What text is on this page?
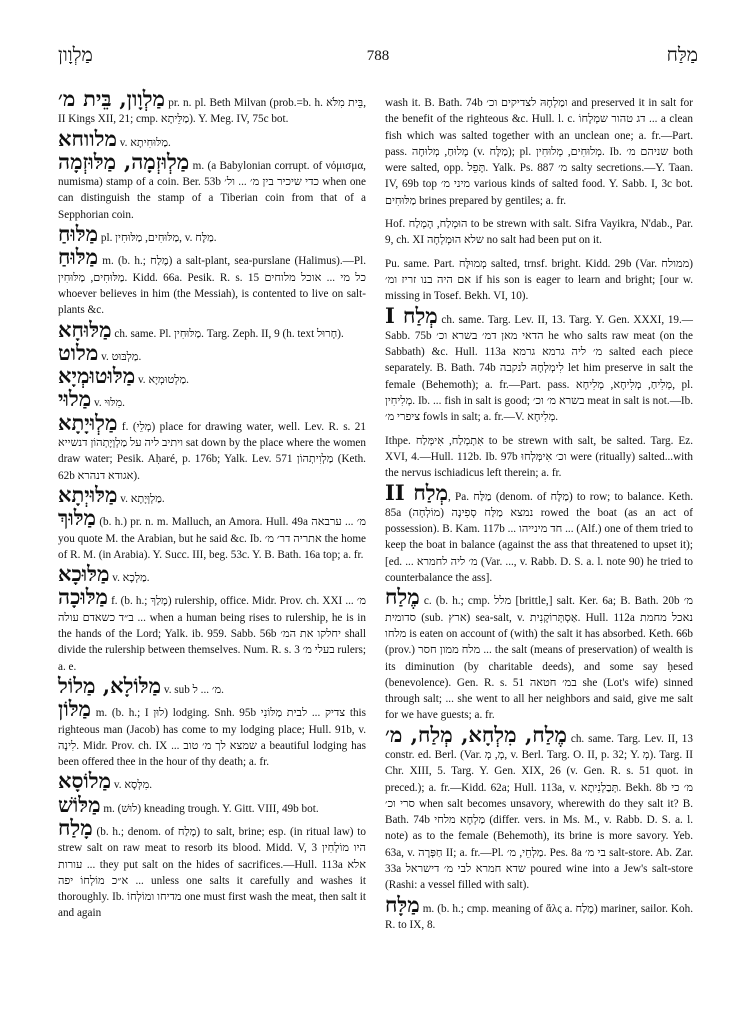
מַלְוָון	788	מַלַּח

מַלְוָון, בֵּית מ׳ pr. n. pl. Beth Milvan (prob.=b. h. בֵּית מִלֹּא, II Kings XII, 21; cmp. מַלֵּיתָא). Y. Meg. IV, 75c bot.

מלווחא v. מַלּוּחִיתָא.

מַלְוּזְמָה, מַלּוּזְמָה m. (a Babylonian corrupt. of νόμισμα, numisma) stamp of a coin. Ber. 53b כדי שיכיר בין מ׳ ... ול׳ when one can distinguish the stamp of a Tiberian coin from that of a Sepphorian coin.

מַלּוּחַ pl. מַלּוּחִים, מַלּוּחִין, v. מַלָּח.

מַלּוּחַ m. (b. h.; מֶלַח) a salt-plant, sea-purslane (Halimus).—Pl. מַלּוּחִים, מַלּוּחִין. Kidd. 66a. Pesik. R. s. 15 כל מי ... אוכל מלוחים whoever believes in him (the Messiah), is contented to live on salt-plants &c.

מַלּוּחָא ch. same. Pl. מַלּוּחִין. Targ. Zeph. II, 9 (h. text חָרוּל).

מלוט v. מַלְבּוּט.

מַלּוּטוּמְיָא v. מַלְטוּמְיָא.

מַלוּי v. מִלּוּי.

מַלְוּיָתָא f. (מְלֵי) place for drawing water, well. Lev. R. s. 21 ויתיב ליה על מַלְוְיָתְהוֹן דנשייא sat down by the place where the women draw water; Pesik. Aḥaré, p. 176b; Yalk. Lev. 571 מַלְוִיתְהוֹן (Keth. 62b אגודא דנהרא).

מַלּוּיְתָא v. מַלְוְּיָתָא.

מַלּוּךְ (b. h.) pr. n. m. Malluch, an Amora. Hull. 49a מ׳ ... ערבאה you quote M. the Arabian, but he said &c. Ib. אתריה דר׳ מ׳ the home of R. M. (in Arabia). Y. Succ. III, beg. 53c. Y. B. Bath. 16a top; a. fr.

מַלּוּכָא v. מַלְכָא.

מַלּוּכָה f. (b. h.; מָלַךְ) rulership, office. Midr. Prov. ch. XXI ... מ׳ ... ב״ד כשאדם עולה when a human being rises to rulership, he is in the hands of the Lord; Yalk. ib. 959. Sabb. 56b יחלקו את המ׳ shall divide the rulership between themselves. Num. R. s. 3 בעלי מ׳ rulers; a. e.

מַלּוֹלָא, מַלוֹל v. sub מ׳ ... ל.

מַלּוֹן m. (b. h.; I לוּן) lodging. Snh. 95b צדיק ... לבית מַלּוֹנִי this righteous man (Jacob) has come to my lodging place; Hull. 91b, v. לִינָה. Midr. Prov. ch. IX ... שמצא לך מ׳ טוב a beautiful lodging has been offered thee in the hour of thy death; a. fr.

מַלוֹסָא v. מִלְּסָא.

מַלּוֹשׁ m. (לוּשׁ) kneading trough. Y. Gitt. VIII, 49b bot.

מָלַח (b. h.; denom. of מֶלַח) to salt, brine; esp. (in ritual law) to strew salt on raw meat to resorb its blood. Midd. V, 3 היו מוֹלְחִין עורות ... they put salt on the hides of sacrifices.—Hull. 113a אלא א״כ מוֹלְחוֹ יפה ... unless one salts it carefully and washes it thoroughly. Ib. מדיחו ומוֹלְחוֹ one must first wash the meat, then salt it and again

wash it. B. Bath. 74b ומַלְחָהּ לצדיקים וכ׳ and preserved it in salt for the benefit of the righteous &c. Hull. l. c. דג טהור שמְלָחוֹ ... a clean fish which was salted together with an unclean one; a. fr.—Part. pass. מָלוּחַ, מְלוּחָה (v. מַלָּח); pl. מְלוּחִים, מְלוּחִין. Ib. שניהם מ׳ both were salted, opp. תָּפֵל. Yalk. Ps. 887 מ׳ salty secretions.—Y. Taan. IV, 69b top מיני מ׳ various kinds of salted food. Y. Sabb. I, 3c bot. מַלּוּחִים brines prepared by gentiles; a. fr.

Hof. הוּמְלַח, הָמְלַח to be strewn with salt. Sifra Vayikra, N'dab., Par. 9, ch. XI שלא הוּמְלְחָה no salt had been put on it.

Pu. same. Part. מְמוּלָּח salted, trnsf. bright. Kidd. 29b (Var. ממולח) אם היה בנו זריז ומ׳ if his son is eager to learn and bright; [our w. missing in Tosef. Bekh. VI, 10).

מְלַח I ch. same. Targ. Lev. II, 13. Targ. Y. Gen. XXXI, 19.—Sabb. 75b הדאי מאן דמ׳ בשרא וכ׳ he who salts raw meat (on the Sabbath) &c. Hull. 113a מ׳ ליה גרמא גרמא salted each piece separately. B. Bath. 74b לִימְלְחָהּ לנקבה let him preserve in salt the female (Behemoth); a. fr.—Part. pass. מְלִיחַ, מְלִיחָא, מְלִיחָא, pl. מְלִיחִין. Ib. ... fish in salt is good; בשרא מ׳ וכ׳ meat in salt is not.—Ib. ציפרי מ׳ fowls in salt; a. fr.—V. מְלִיחָא.

Ithpe. אִתְמְלַח, אִימְּלַח to be strewn with salt, be salted. Targ. Ez. XVI, 4.—Hull. 112b. Ib. 97b וכ׳ אִימְּלְחוּ were (ritually) salted...with the nervus ischiadicus left therein; a. fr.

מְלַח II, Pa. מַלַּח (denom. of מַלָּח) to row; to balance. Keth. 85a (מוֹלְחָה) נמצא מַלַּח סְפִינָה rowed the boat (as an act of possession). B. Kam. 117b ... חד מינייהו ... (Alf.) one of them tried to keep the boat in balance (against the ass that threatened to upset it); [ed. ... מ׳ ליה לחמרא (Var. ..., v. Rabb. D. S. a. l. note 90) he tried to counterbalance the ass].

מֶלַח c. (b. h.; cmp. מלל [brittle,] salt. Ker. 6a; B. Bath. 20b מ׳ סדומית (sub. ארץ) sea-salt, v. אַסְתְּרוֹקָנִית. Hull. 112a נאכל מחמת מלחו is eaten on account of (with) the salt it has absorbed. Keth. 66b (prov.) מלח ממון חסר ... the salt (means of preservation) of wealth is its diminution (by charitable deeds), and some say ḥesed (benevolence). Gen. R. s. 51 במ׳ חטאה she (Lot's wife) sinned through salt; ... she went to all her neighbors and said, give me salt for we have guests; a. fr.

מֶלַח, מִלְחָא, מְלַח, מ׳ ch. same. Targ. Lev. II, 13 constr. ed. Berl. (Var. מְ, מְ, v. Berl. Targ. O. II, p. 32; Y. מְ). Targ. II Chr. XIII, 5. Targ. Y. Gen. XIX, 26 (v. Gen. R. s. 51 quot. in preced.); a. fr.—Kidd. 62a; Hull. 113a, v. תְּבַלְנִיתָא. Bekh. 8b מ׳ כי סרי וכ׳ when salt becomes unsavory, wherewith do they salt it? B. Bath. 74b מַלְחָא מלחי (differ. vers. in Ms. M., v. Rabb. D. S. a. l. note) as to the female (Behemoth), its brine is more savory. Yeb. 63a, v. חַפְּרָה II; a. fr.—Pl. מַלְחֵי, מ׳. Pes. 8a בי מ׳ salt-store. Ab. Zar. 33a שדא חמרא לבי מ׳ דישראל poured wine into a Jew's salt-store (Rashi: a vessel filled with salt).

מַלָּח m. (b. h.; cmp. meaning of ἅλς a. מֶלַח) mariner, sailor. Koh. R. to IX, 8.
